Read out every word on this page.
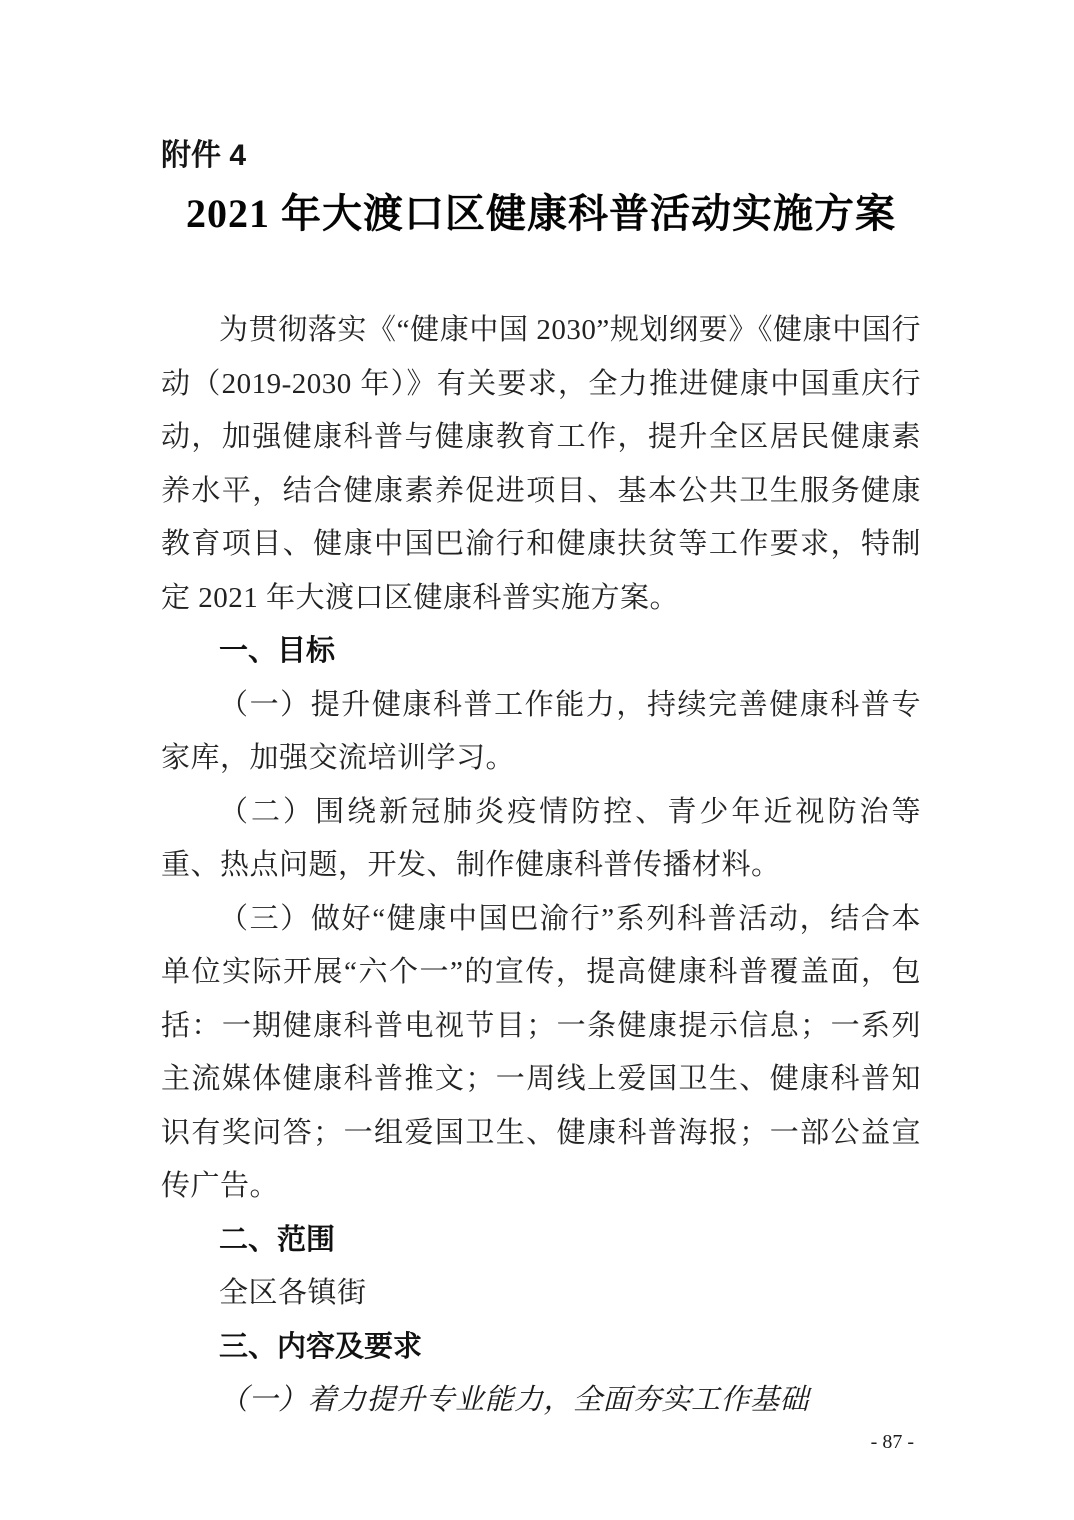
附件 4
2021 年大渡口区健康科普活动实施方案

为贯彻落实《“健康中国 2030”规划纲要》《健康中国行动（2019-2030 年）》有关要求，全力推进健康中国重庆行动，加强健康科普与健康教育工作，提升全区居民健康素养水平，结合健康素养促进项目、基本公共卫生服务健康教育项目、健康中国巴渝行和健康扶贫等工作要求，特制定 2021 年大渡口区健康科普实施方案。

一、目标

（一）提升健康科普工作能力，持续完善健康科普专家库，加强交流培训学习。

（二）围绕新冠肺炎疫情防控、青少年近视防治等重、热点问题，开发、制作健康科普传播材料。

（三）做好“健康中国巴渝行”系列科普活动，结合本单位实际开展“六个一”的宣传，提高健康科普覆盖面，包括：一期健康科普电视节目；一条健康提示信息；一系列主流媒体健康科普推文；一周线上爱国卫生、健康科普知识有奖问答；一组爱国卫生、健康科普海报；一部公益宣传广告。

二、范围

全区各镇街

三、内容及要求

（一）着力提升专业能力，全面夯实工作基础

- 87 -
